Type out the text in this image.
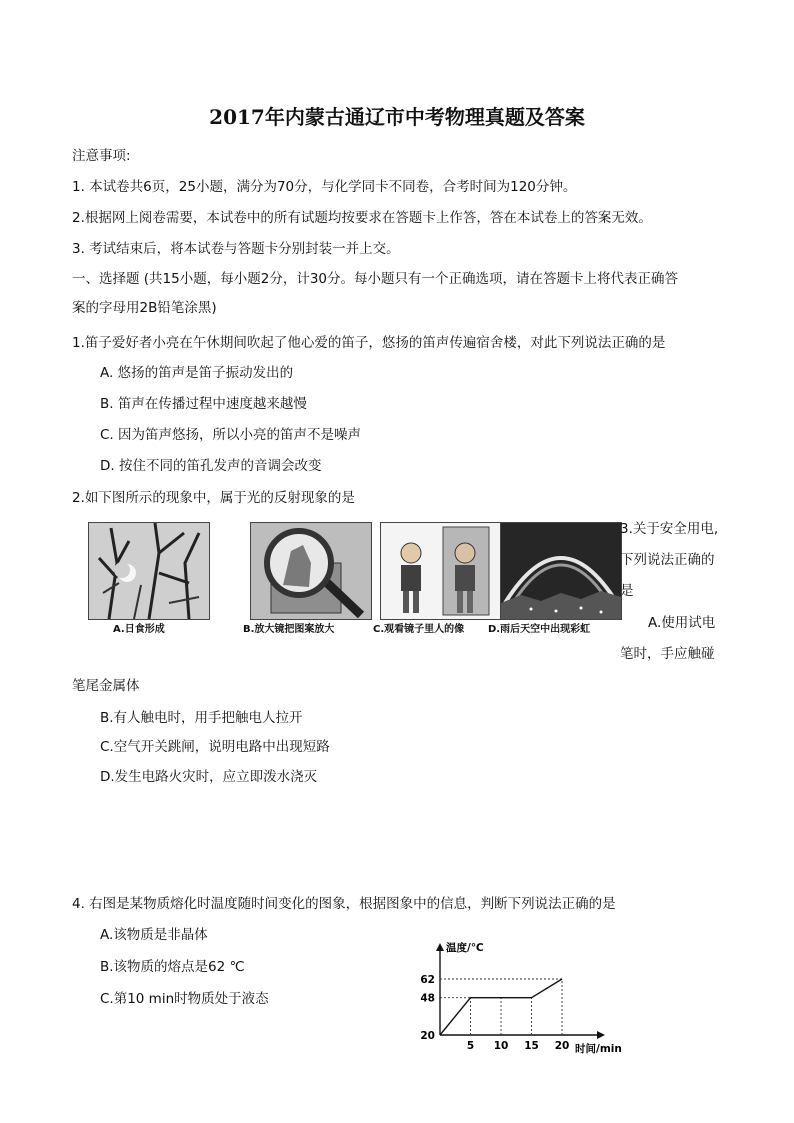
2017年内蒙古通辽市中考物理真题及答案
注意事项:
1. 本试卷共6页，25小题，满分为70分，与化学同卡不同卷，合考时间为120分钟。
2.根据网上阅卷需要，本试卷中的所有试题均按要求在答题卡上作答，答在本试卷上的答案无效。
3. 考试结束后，将本试卷与答题卡分别封装一并上交。
一、选择题 (共15小题，每小题2分，计30分。每小题只有一个正确选项，请在答题卡上将代表正确答
案的字母用2B铅笔涂黑)
1.笛子爱好者小亮在午休期间吹起了他心爱的笛子，悠扬的笛声传遍宿舍楼，对此下列说法正确的是
A. 悠扬的笛声是笛子振动发出的
B. 笛声在传播过程中速度越来越慢
C. 因为笛声悠扬，所以小亮的笛声不是噪声
D. 按住不同的笛孔发声的音调会改变
2.如下图所示的现象中，属于光的反射现象的是
A.日食形成	B.放大镜把图案放大	C.观看镜子里人的像	D.雨后天空中出现彩虹
3.关于安全用电,
下列说法正确的
是
A.使用试电
笔时，手应触碰
笔尾金属体
B.有人触电时，用手把触电人拉开
C.空气开关跳闸，说明电路中出现短路
D.发生电路火灾时，应立即泼水浇灭
4. 右图是某物质熔化时温度随时间变化的图象，根据图象中的信息，判断下列说法正确的是
A.该物质是非晶体
B.该物质的熔点是62 ℃
C.第10 min时物质处于液态
温度/℃
时间/min
5 10 15 20
20
48
62
